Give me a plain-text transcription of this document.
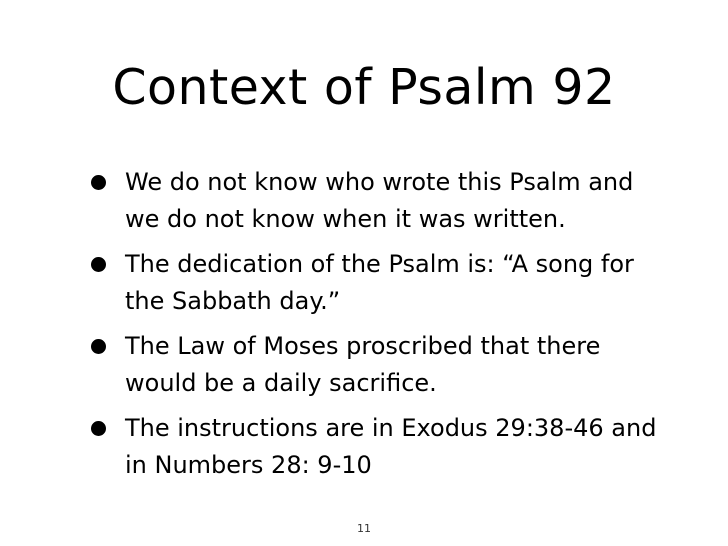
Context of Psalm 92
We do not know who wrote this Psalm and we do not know when it was written.
The dedication of the Psalm is: “A song for the Sabbath day.”
The Law of Moses proscribed that there would be a daily sacrifice.
The instructions are in Exodus 29:38-46 and in Numbers 28: 9-10
11
